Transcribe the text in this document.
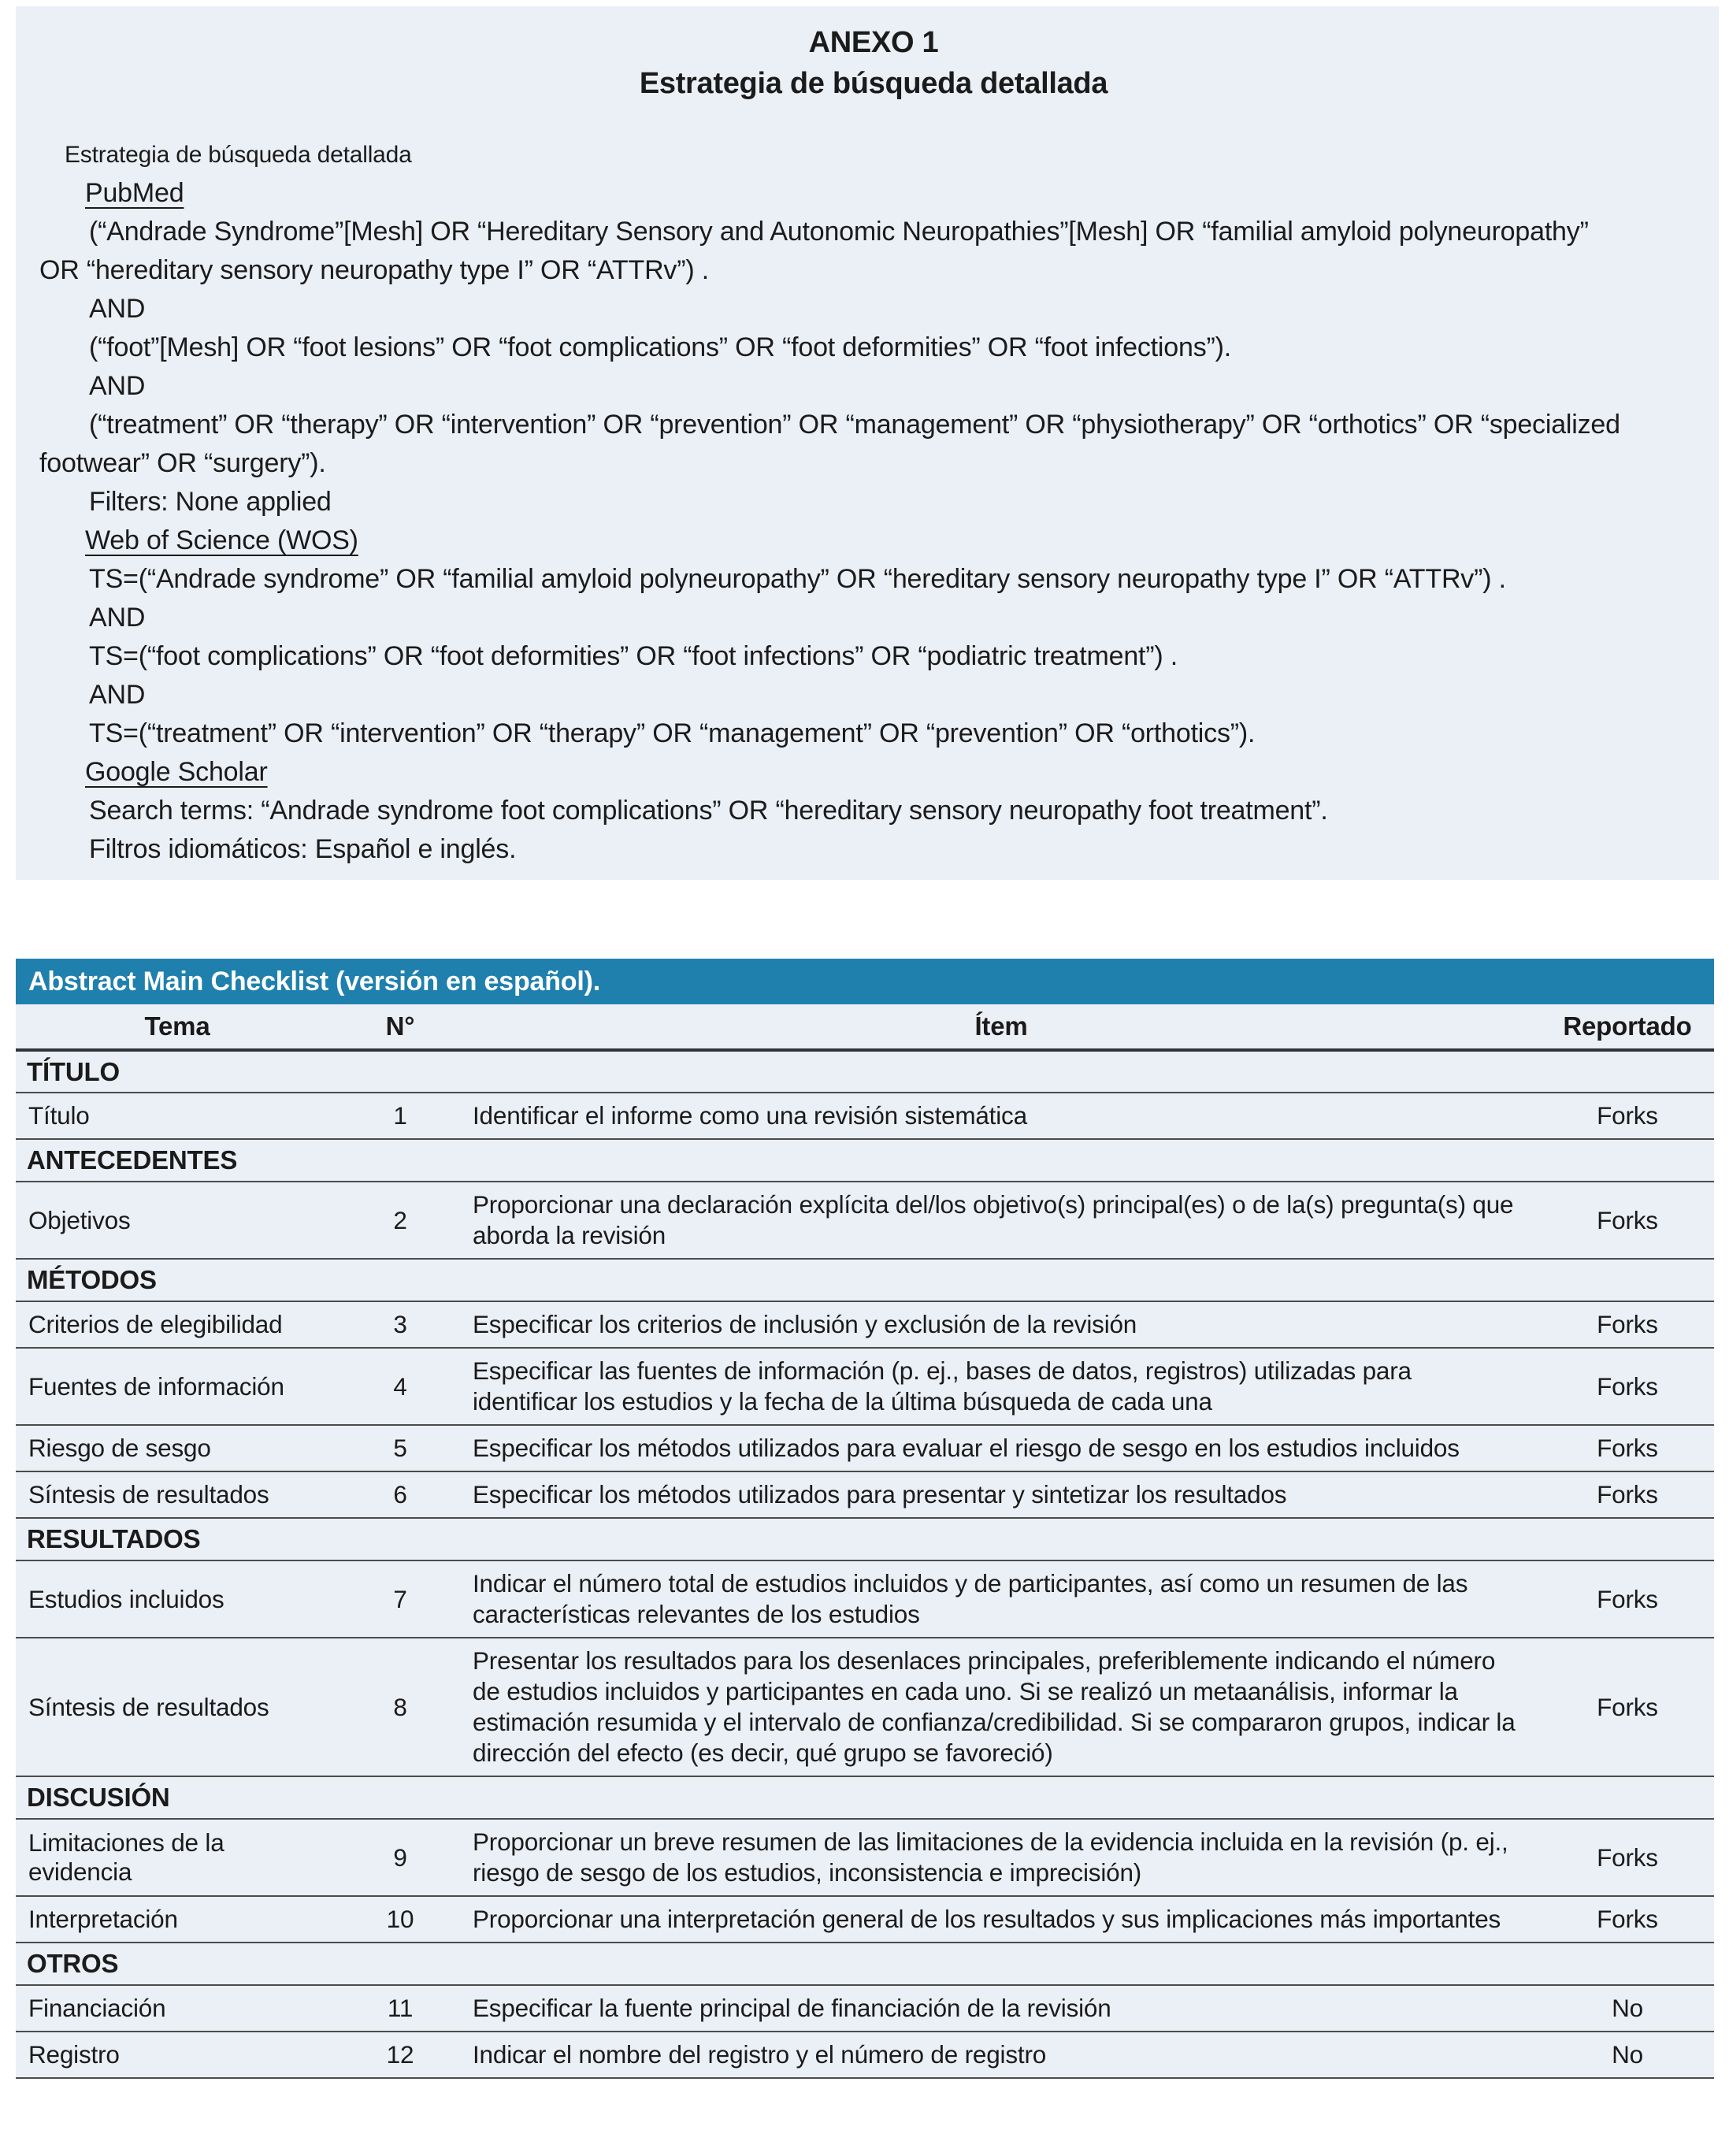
ANEXO 1
Estrategia de búsqueda detallada
Estrategia de búsqueda detallada
PubMed
(“Andrade Syndrome”[Mesh] OR “Hereditary Sensory and Autonomic Neuropathies”[Mesh] OR “familial amyloid polyneuropathy”
OR “hereditary sensory neuropathy type I” OR “ATTRv”) .
AND
(“foot”[Mesh] OR “foot lesions” OR “foot complications” OR “foot deformities” OR “foot infections”).
AND
(“treatment” OR “therapy” OR “intervention” OR “prevention” OR “management” OR “physiotherapy” OR “orthotics” OR “specialized
footwear” OR “surgery”).
Filters: None applied
Web of Science (WOS)
TS=(“Andrade syndrome” OR “familial amyloid polyneuropathy” OR “hereditary sensory neuropathy type I” OR “ATTRv”) .
AND
TS=(“foot complications” OR “foot deformities” OR “foot infections” OR “podiatric treatment”) .
AND
TS=(“treatment” OR “intervention” OR “therapy” OR “management” OR “prevention” OR “orthotics”).
Google Scholar
Search terms: “Andrade syndrome foot complications” OR “hereditary sensory neuropathy foot treatment”.
Filtros idiomáticos: Español e inglés.
Abstract Main Checklist (versión en español).
Tema	N°	Ítem	Reportado
TÍTULO			
Título	1	Identificar el informe como una revisión sistemática	Forks
ANTECEDENTES			
Objetivos	2	Proporcionar una declaración explícita del/los objetivo(s) principal(es) o de la(s) pregunta(s) que aborda la revisión	Forks
MÉTODOS			
Criterios de elegibilidad	3	Especificar los criterios de inclusión y exclusión de la revisión	Forks
Fuentes de información	4	Especificar las fuentes de información (p. ej., bases de datos, registros) utilizadas para identificar los estudios y la fecha de la última búsqueda de cada una	Forks
Riesgo de sesgo	5	Especificar los métodos utilizados para evaluar el riesgo de sesgo en los estudios incluidos	Forks
Síntesis de resultados	6	Especificar los métodos utilizados para presentar y sintetizar los resultados	Forks
RESULTADOS			
Estudios incluidos	7	Indicar el número total de estudios incluidos y de participantes, así como un resumen de las características relevantes de los estudios	Forks
Síntesis de resultados	8	Presentar los resultados para los desenlaces principales, preferiblemente indicando el número de estudios incluidos y participantes en cada uno. Si se realizó un metaanálisis, informar la estimación resumida y el intervalo de confianza/credibilidad. Si se compararon grupos, indicar la dirección del efecto (es decir, qué grupo se favoreció)	Forks
DISCUSIÓN			
Limitaciones de la evidencia	9	Proporcionar un breve resumen de las limitaciones de la evidencia incluida en la revisión (p. ej., riesgo de sesgo de los estudios, inconsistencia e imprecisión)	Forks
Interpretación	10	Proporcionar una interpretación general de los resultados y sus implicaciones más importantes	Forks
OTROS			
Financiación	11	Especificar la fuente principal de financiación de la revisión	No
Registro	12	Indicar el nombre del registro y el número de registro	No
